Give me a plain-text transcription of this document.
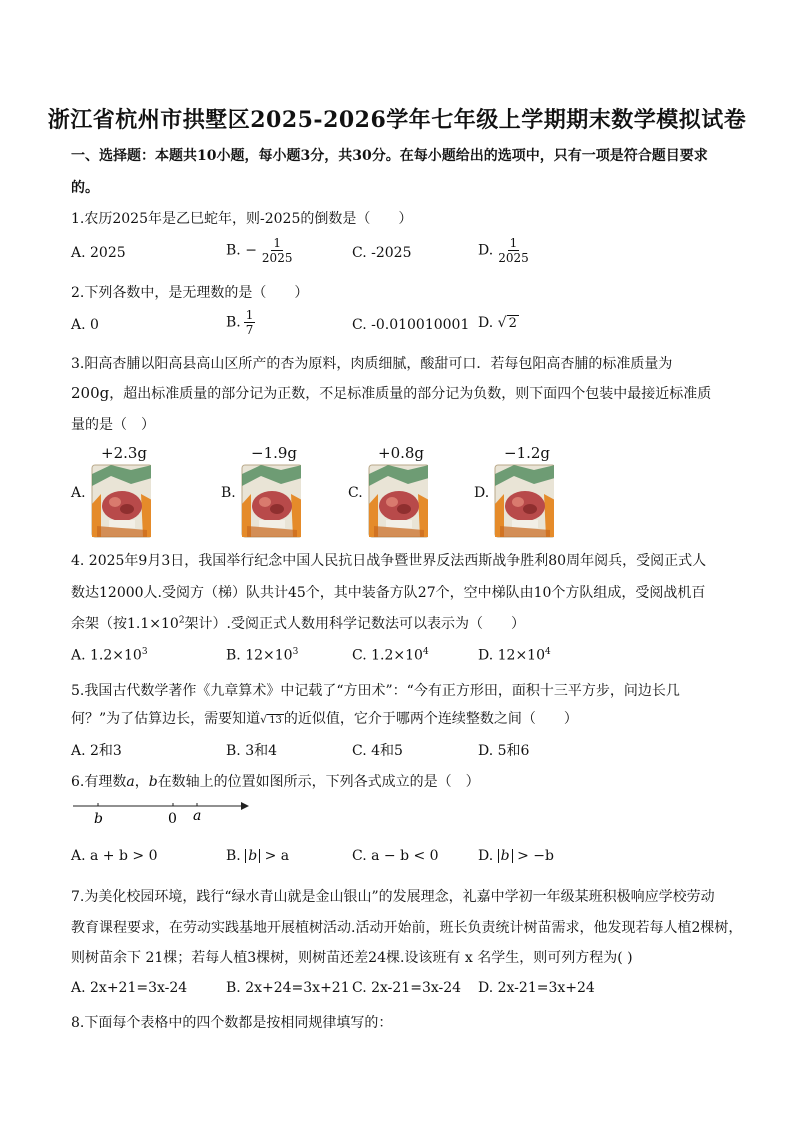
浙江省杭州市拱墅区2025-2026学年七年级上学期期末数学模拟试卷
一、选择题：本题共10小题，每小题3分，共30分。在每小题给出的选项中，只有一项是符合题目要求
的。
1.农历2025年是乙巳蛇年，则-2025的倒数是（　　）
A. 2025	B. − $\frac{1}{2025}$	C. -2025	D. $\frac{1}{2025}$
2.下列各数中，是无理数的是（　　）
A. 0	B. $\frac{1}{7}$	C. -0.010010001 D. √ 2
3.阳高杏脯以阳高县高山区所产的杏为原料，肉质细腻，酸甜可口．若每包阳高杏脯的标准质量为
200g，超出标准质量的部分记为正数，不足标准质量的部分记为负数，则下面四个包装中最接近标准质
量的是（　）
+2.3g
A.
−1.9g
B.
+0.8g
C.
−1.2g
D.
4. 2025年9月3日，我国举行纪念中国人民抗日战争暨世界反法西斯战争胜利80周年阅兵，受阅正式人
数达12000人.受阅方（梯）队共计45个，其中装备方队27个，空中梯队由10个方队组成，受阅战机百
余架（按$1.1\times 10^2$架计）.受阅正式人数用科学记数法可以表示为（　　）
A. $1.2\times 10^3$	B. $12\times 10^3$	C. $1.2\times 10^4$	D. $12\times 10^4$
5.我国古代数学著作《九章算术》中记载了“方田术”：“今有正方形田，面积十三平方步，问边长几
何？”为了估算边长，需要知道√ 13 的近似值，它介于哪两个连续整数之间（　　）
A. 2和3	B. 3和4	C. 4和5	D. 5和6
6.有理数a，b在数轴上的位置如图所示，下列各式成立的是（　）
b	0 a
A. a + b > 0	B. b > a	C. a − b < 0	D. b > −b
7.为美化校园环境，践行“绿水青山就是金山银山”的发展理念，礼嘉中学初一年级某班积极响应学校劳动
教育课程要求，在劳动实践基地开展植树活动.活动开始前，班长负责统计树苗需求，他发现若每人植2棵树，
则树苗余下 21棵；若每人植3棵树，则树苗还差24棵.设该班有 x 名学生，则可列方程为( )
A. 2x+21=3x-24	B. 2x+24=3x+21 C. 2x-21=3x-24 D. 2x-21=3x+24
8.下面每个表格中的四个数都是按相同规律填写的：
